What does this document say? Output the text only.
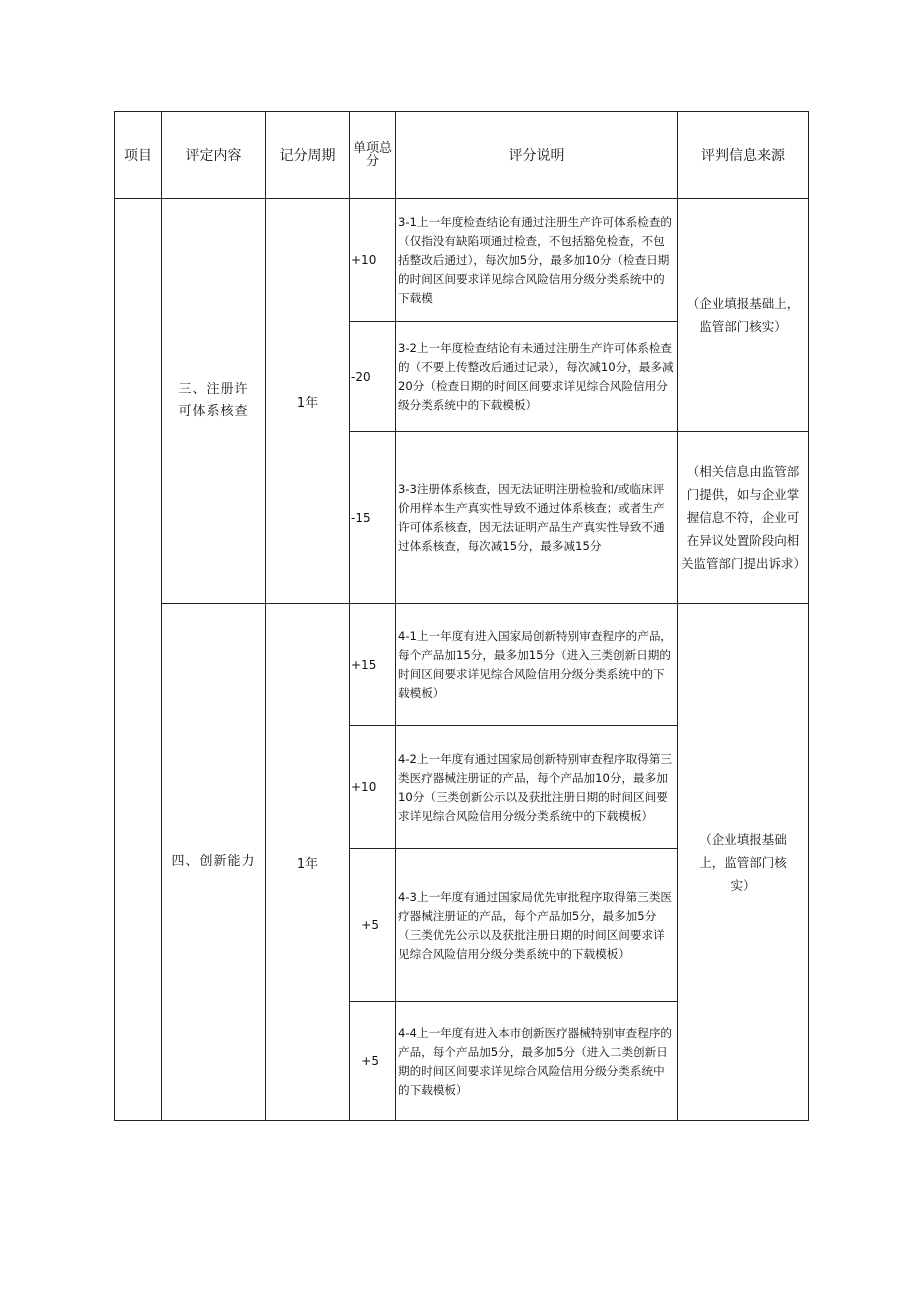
项目	评定内容	记分周期	单项总分	评分说明	评判信息来源
	三、注册许可体系核查	1年	+10	3-1上一年度检查结论有通过注册生产许可体系检查的（仅指没有缺陷项通过检查，不包括豁免检查，不包括整改后通过），每次加5分，最多加10分（检查日期的时间区间要求详见综合风险信用分级分类系统中的下载模	（企业填报基础上，监管部门核实）
			-20	3-2上一年度检查结论有未通过注册生产许可体系检查的（不要上传整改后通过记录），每次减10分，最多减20分（检查日期的时间区间要求详见综合风险信用分级分类系统中的下载模板）	
			-15	3-3注册体系核查，因无法证明注册检验和/或临床评价用样本生产真实性导致不通过体系核查；或者生产许可体系核查，因无法证明产品生产真实性导致不通过体系核查，每次减15分，最多减15分	（相关信息由监管部门提供，如与企业掌握信息不符，企业可在异议处置阶段向相关监管部门提出诉求）
	四、创新能力	1年	+15	4-1上一年度有进入国家局创新特别审查程序的产品，每个产品加15分，最多加15分（进入三类创新日期的时间区间要求详见综合风险信用分级分类系统中的下载模板）	（企业填报基础上，监管部门核实）
			+10	4-2上一年度有通过国家局创新特别审查程序取得第三类医疗器械注册证的产品，每个产品加10分，最多加10分（三类创新公示以及获批注册日期的时间区间要求详见综合风险信用分级分类系统中的下载模板）	
			+5	4-3上一年度有通过国家局优先审批程序取得第三类医疗器械注册证的产品，每个产品加5分，最多加5分（三类优先公示以及获批注册日期的时间区间要求详见综合风险信用分级分类系统中的下载模板）	
			+5	4-4上一年度有进入本市创新医疗器械特别审查程序的产品，每个产品加5分，最多加5分（进入二类创新日期的时间区间要求详见综合风险信用分级分类系统中的下载模板）	
